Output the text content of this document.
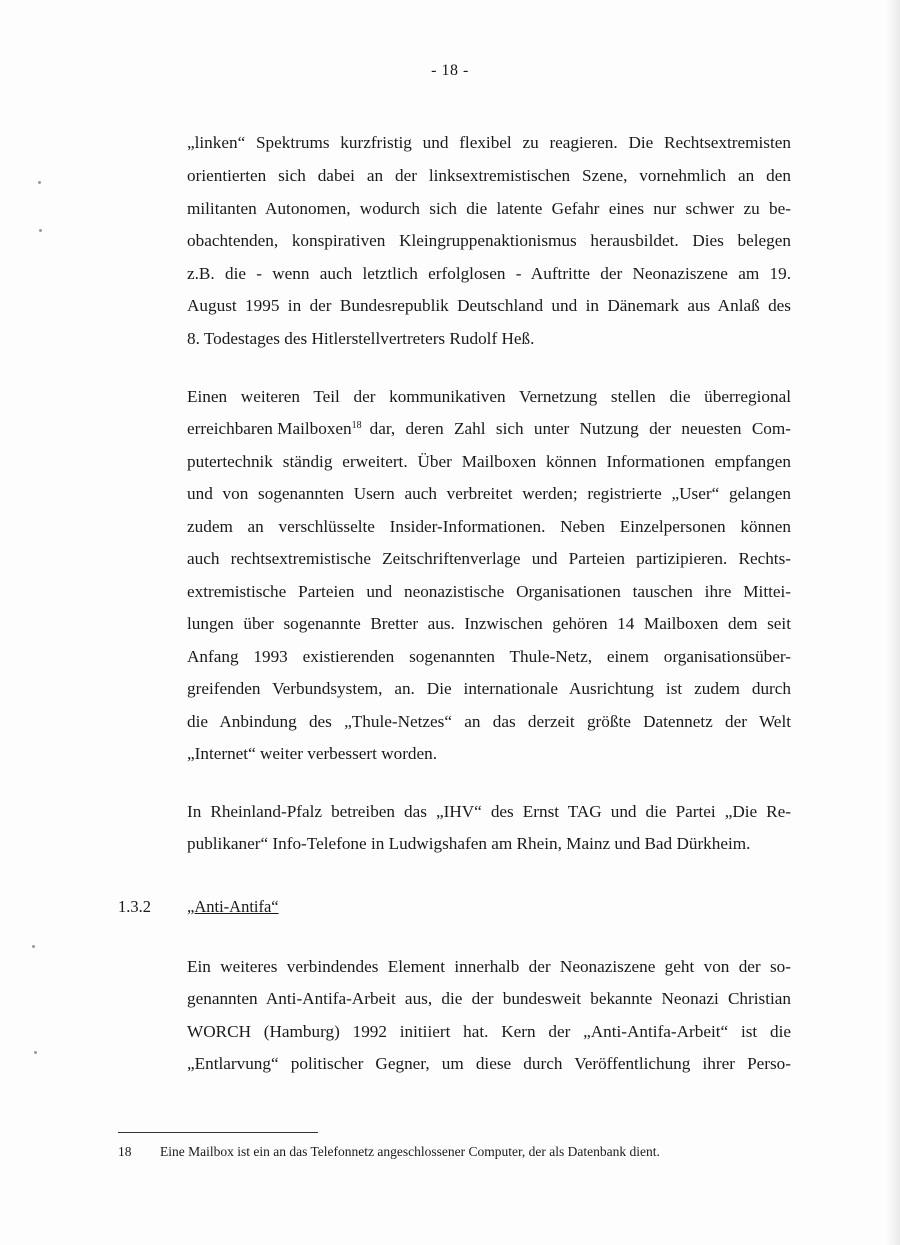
- 18 -
„linken“ Spektrums kurzfristig und flexibel zu reagieren. Die Rechtsextremisten
orientierten sich dabei an der linksextremistischen Szene, vornehmlich an den
militanten Autonomen, wodurch sich die latente Gefahr eines nur schwer zu be-
obachtenden, konspirativen Kleingruppenaktionismus herausbildet. Dies belegen
z.B. die - wenn auch letztlich erfolglosen - Auftritte der Neonaziszene am 19.
August 1995 in der Bundesrepublik Deutschland und in Dänemark aus Anlaß des
8. Todestages des Hitlerstellvertreters Rudolf Heß.
Einen weiteren Teil der kommunikativen Vernetzung stellen die überregional
erreichbaren Mailboxen$^{18}$ dar, deren Zahl sich unter Nutzung der neuesten Com-
putertechnik ständig erweitert. Über Mailboxen können Informationen empfangen
und von sogenannten Usern auch verbreitet werden; registrierte „User“ gelangen
zudem an verschlüsselte Insider-Informationen. Neben Einzelpersonen können
auch rechtsextremistische Zeitschriftenverlage und Parteien partizipieren. Rechts-
extremistische Parteien und neonazistische Organisationen tauschen ihre Mittei-
lungen über sogenannte Bretter aus. Inzwischen gehören 14 Mailboxen dem seit
Anfang 1993 existierenden sogenannten Thule-Netz, einem organisationsüber-
greifenden Verbundsystem, an. Die internationale Ausrichtung ist zudem durch
die Anbindung des „Thule-Netzes“ an das derzeit größte Datennetz der Welt
„Internet“ weiter verbessert worden.
In Rheinland-Pfalz betreiben das „IHV“ des Ernst TAG und die Partei „Die Re-
publikaner“ Info-Telefone in Ludwigshafen am Rhein, Mainz und Bad Dürkheim.
1.3.2 „Anti-Antifa“
Ein weiteres verbindendes Element innerhalb der Neonaziszene geht von der so-
genannten Anti-Antifa-Arbeit aus, die der bundesweit bekannte Neonazi Christian
WORCH (Hamburg) 1992 initiiert hat. Kern der „Anti-Antifa-Arbeit“ ist die
„Entlarvung“ politischer Gegner, um diese durch Veröffentlichung ihrer Perso-
18 Eine Mailbox ist ein an das Telefonnetz angeschlossener Computer, der als Datenbank dient.
